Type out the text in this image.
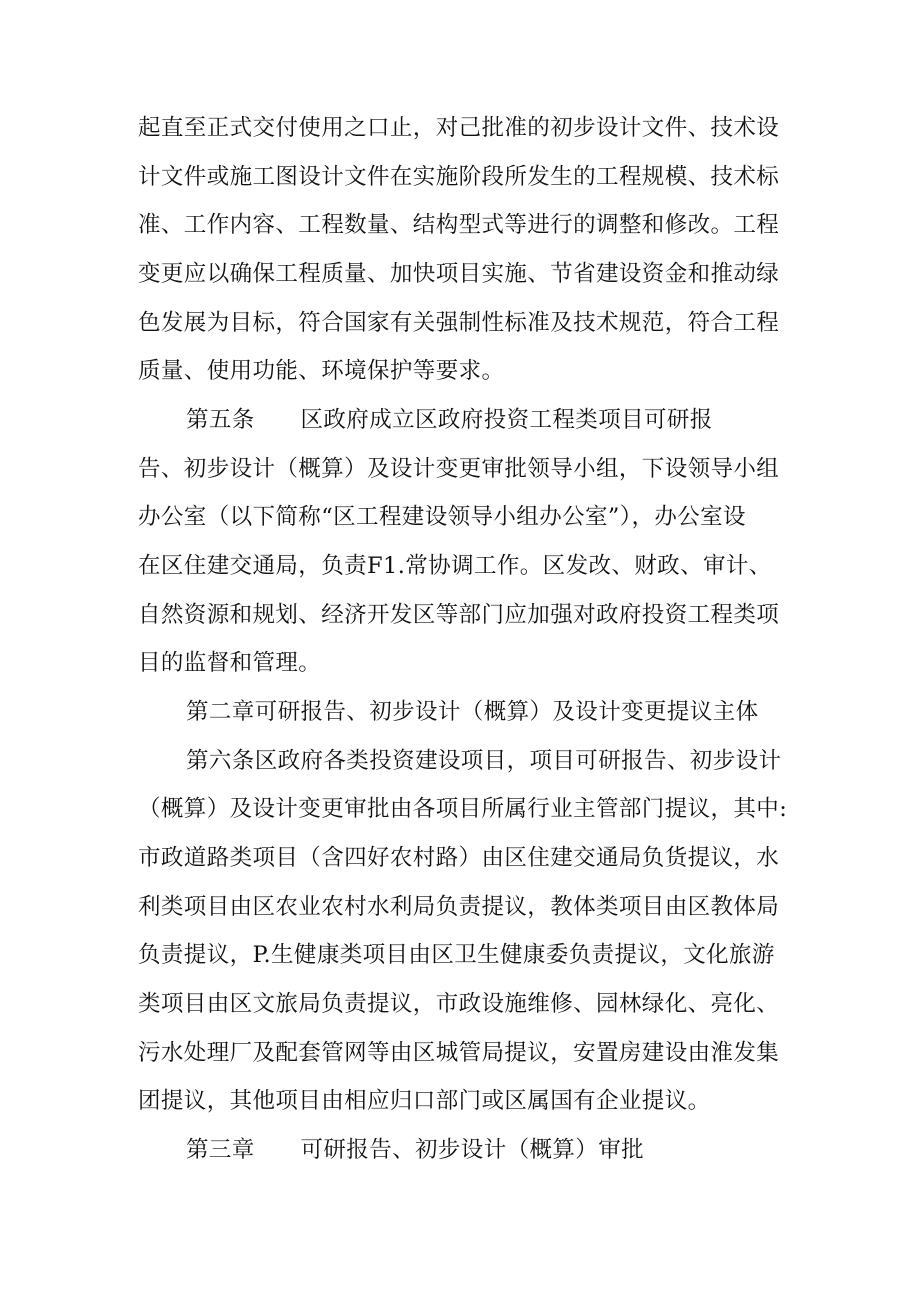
起直至正式交付使用之口止，对己批准的初步设计文件、技术设
计文件或施工图设计文件在实施阶段所发生的工程规模、技术标
准、工作内容、工程数量、结构型式等进行的调整和修改。工程
变更应以确保工程质量、加快项目实施、节省建设资金和推动绿
色发展为目标，符合国家有关强制性标准及技术规范，符合工程
质量、使用功能、环境保护等要求。
第五条　　区政府成立区政府投资工程类项目可研报
告、初步设计（概算）及设计变更审批领导小组，下设领导小组
办公室（以下简称“区工程建设领导小组办公室”），办公室设
在区住建交通局，负责F1.常协调工作。区发改、财政、审计、
自然资源和规划、经济开发区等部门应加强对政府投资工程类项
目的监督和管理。
第二章可研报告、初步设计（概算）及设计变更提议主体
第六条区政府各类投资建设项目，项目可研报告、初步设计
（概算）及设计变更审批由各项目所属行业主管部门提议，其中:
市政道路类项目（含四好农村路）由区住建交通局负货提议，水
利类项目由区农业农村水利局负责提议，教体类项目由区教体局
负责提议，P.生健康类项目由区卫生健康委负责提议，文化旅游
类项目由区文旅局负责提议，市政设施维修、园林绿化、亮化、
污水处理厂及配套管网等由区城管局提议，安置房建设由淮发集
团提议，其他项目由相应归口部门或区属国有企业提议。
第三章　　可研报告、初步设计（概算）审批
